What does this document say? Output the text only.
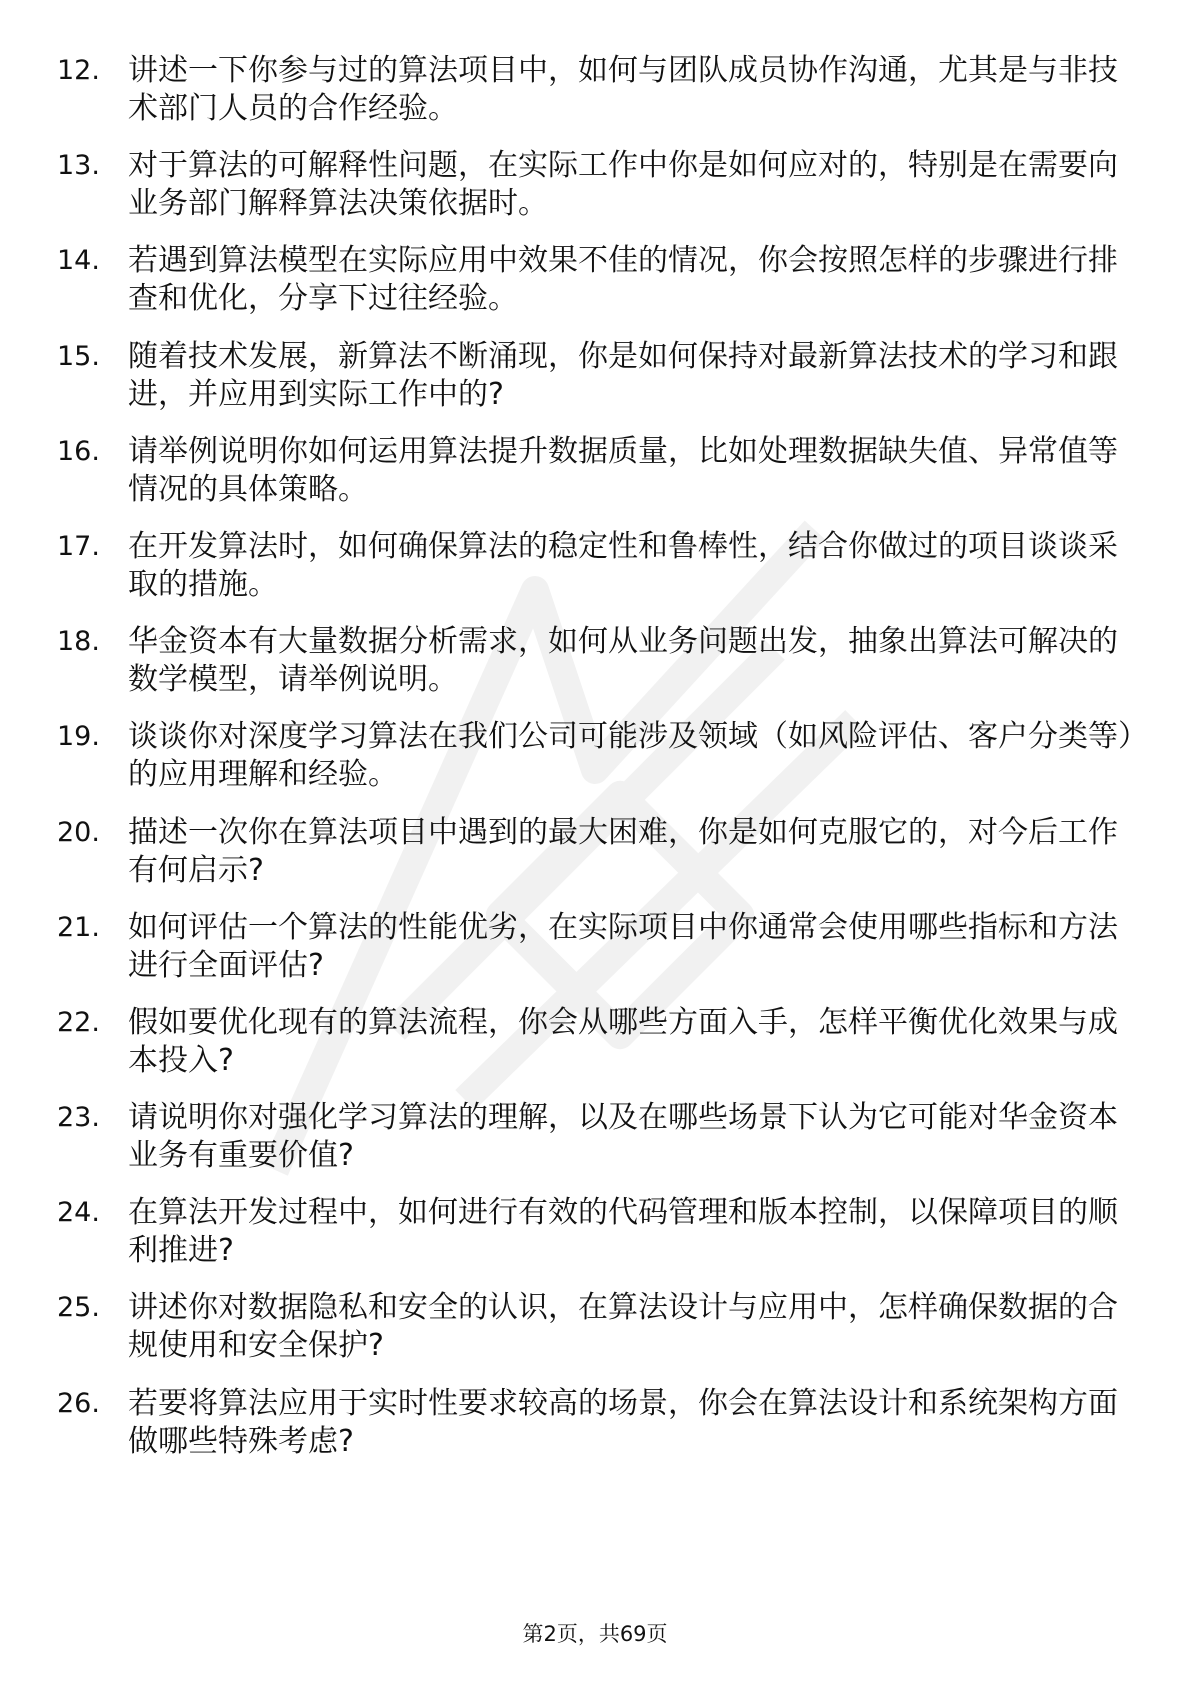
12. 讲述一下你参与过的算法项目中，如何与团队成员协作沟通，尤其是与非技术部门人员的合作经验。
13. 对于算法的可解释性问题，在实际工作中你是如何应对的，特别是在需要向业务部门解释算法决策依据时。
14. 若遇到算法模型在实际应用中效果不佳的情况，你会按照怎样的步骤进行排查和优化，分享下过往经验。
15. 随着技术发展，新算法不断涌现，你是如何保持对最新算法技术的学习和跟进，并应用到实际工作中的?
16. 请举例说明你如何运用算法提升数据质量，比如处理数据缺失值、异常值等情况的具体策略。
17. 在开发算法时，如何确保算法的稳定性和鲁棒性，结合你做过的项目谈谈采取的措施。
18. 华金资本有大量数据分析需求，如何从业务问题出发，抽象出算法可解决的数学模型，请举例说明。
19. 谈谈你对深度学习算法在我们公司可能涉及领域（如风险评估、客户分类等）的应用理解和经验。
20. 描述一次你在算法项目中遇到的最大困难，你是如何克服它的，对今后工作有何启示?
21. 如何评估一个算法的性能优劣，在实际项目中你通常会使用哪些指标和方法进行全面评估?
22. 假如要优化现有的算法流程，你会从哪些方面入手，怎样平衡优化效果与成本投入?
23. 请说明你对强化学习算法的理解，以及在哪些场景下认为它可能对华金资本业务有重要价值?
24. 在算法开发过程中，如何进行有效的代码管理和版本控制，以保障项目的顺利推进?
25. 讲述你对数据隐私和安全的认识，在算法设计与应用中，怎样确保数据的合规使用和安全保护?
26. 若要将算法应用于实时性要求较高的场景，你会在算法设计和系统架构方面做哪些特殊考虑?
第2页，共69页
